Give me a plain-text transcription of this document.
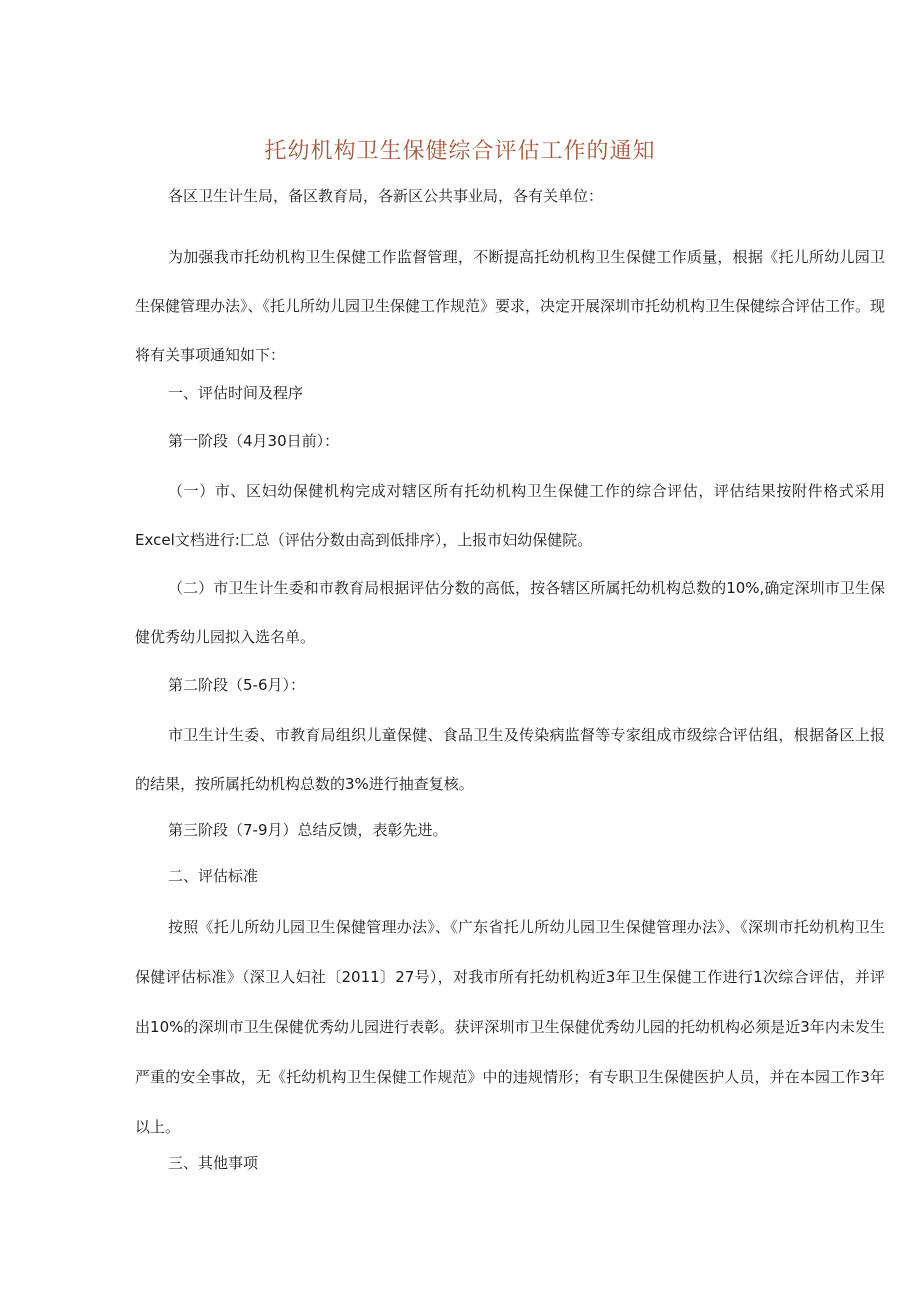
托幼机构卫生保健综合评估工作的通知

各区卫生计生局，备区教育局，各新区公共事业局，各有关单位：

为加强我市托幼机构卫生保健工作监督管理，不断提高托幼机构卫生保健工作质量，根据《托儿所幼儿园卫生保健管理办法》、《托儿所幼儿园卫生保健工作规范》要求，决定开展深圳市托幼机构卫生保健综合评估工作。现将有关事项通知如下：

一、评估时间及程序

第一阶段（4月30日前）：

（一）市、区妇幼保健机构完成对辖区所有托幼机构卫生保健工作的综合评估，评估结果按附件格式采用Excel文档进行:匚总（评估分数由高到低排序），上报市妇幼保健院。

（二）市卫生计生委和市教育局根据评估分数的高低，按各辖区所属托幼机构总数的10%,确定深圳市卫生保健优秀幼儿园拟入选名单。

第二阶段（5-6月）：

市卫生计生委、市教育局组织儿童保健、食品卫生及传染病监督等专家组成市级综合评估组，根据备区上报的结果，按所属托幼机构总数的3%进行抽查复核。

第三阶段（7-9月）总结反馈，表彰先进。

二、评估标准

按照《托儿所幼儿园卫生保健管理办法》、《广东省托儿所幼儿园卫生保健管理办法》、《深圳市托幼机构卫生保健评估标准》（深卫人妇社〔2011〕27号），对我市所有托幼机构近3年卫生保健工作进行1次综合评估，并评出10%的深圳市卫生保健优秀幼儿园进行表彰。获评深圳市卫生保健优秀幼儿园的托幼机构必须是近3年内未发生严重的安全事故，无《托幼机构卫生保健工作规范》中的违规情形；有专职卫生保健医护人员，并在本园工作3年以上。

三、其他事项
